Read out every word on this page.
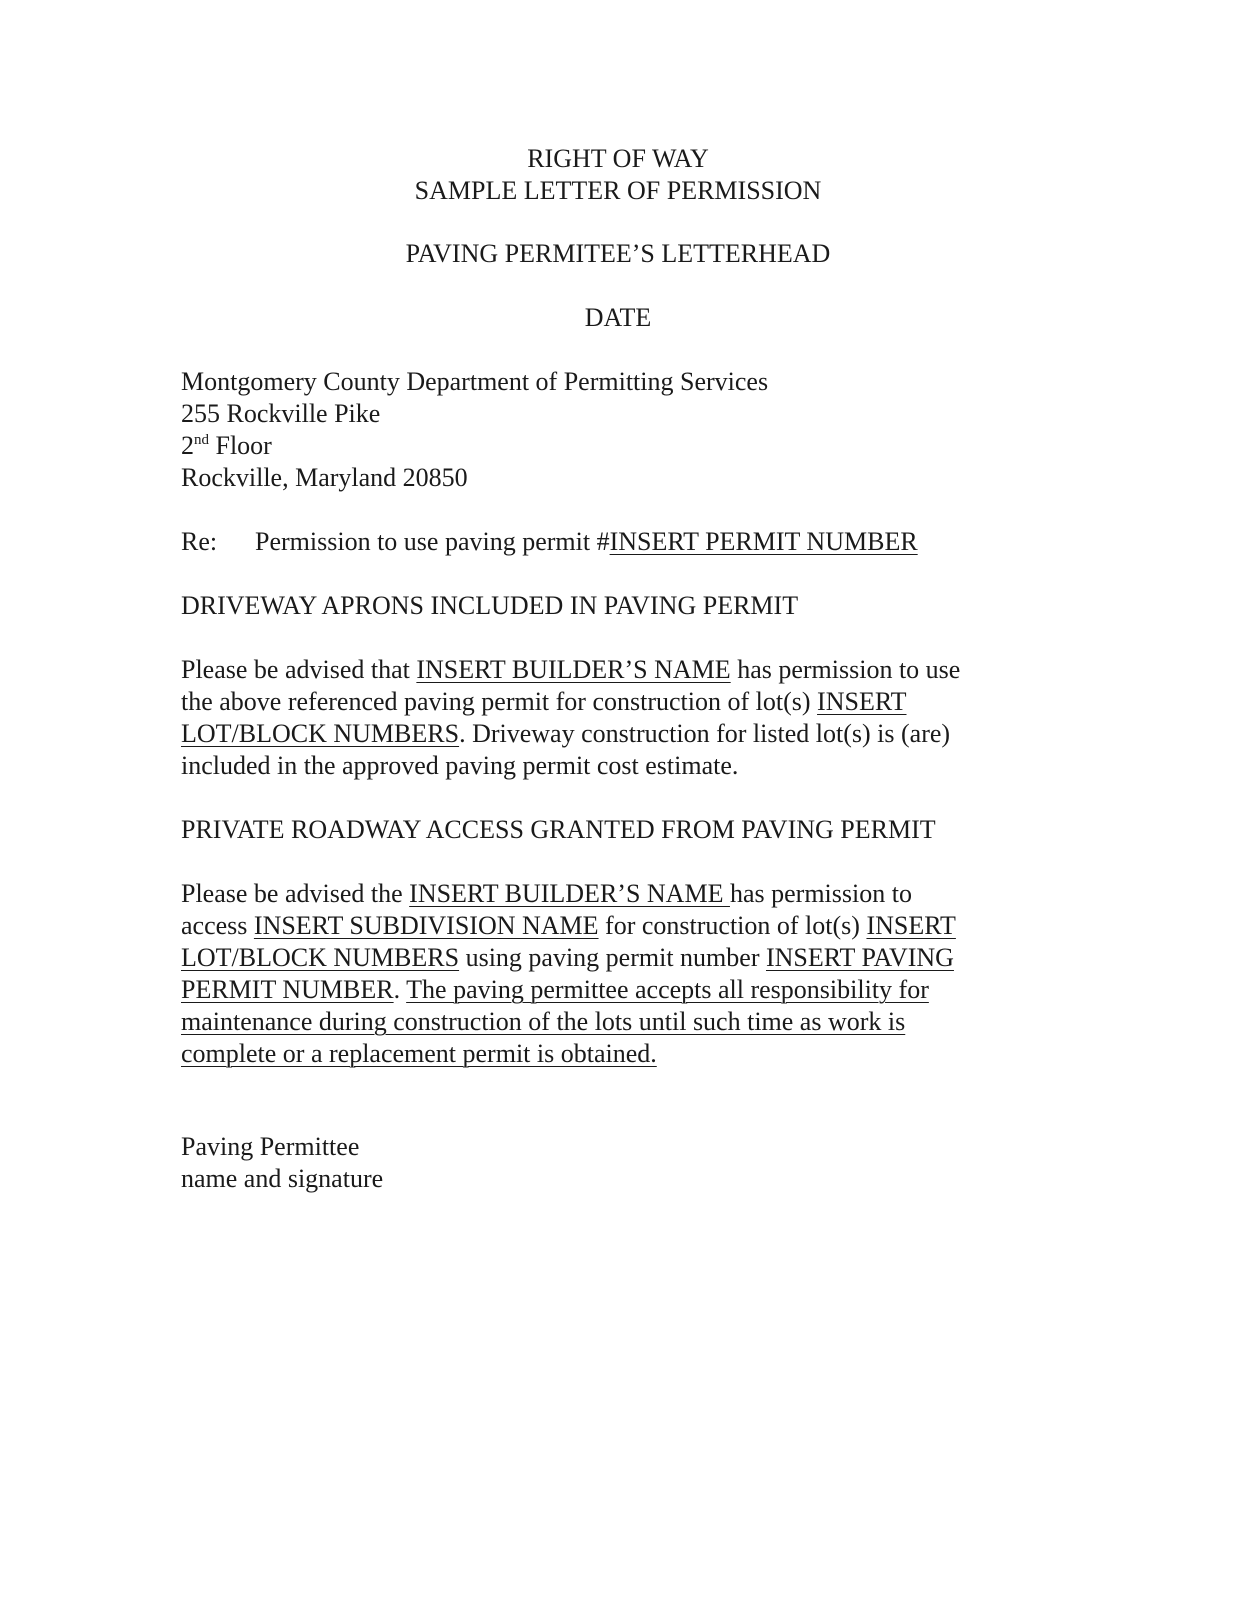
RIGHT OF WAY
SAMPLE LETTER OF PERMISSION
PAVING PERMITEE’S LETTERHEAD
DATE
Montgomery County Department of Permitting Services
255 Rockville Pike
2nd Floor
Rockville, Maryland 20850
Re: Permission to use paving permit #INSERT PERMIT NUMBER
DRIVEWAY APRONS INCLUDED IN PAVING PERMIT
Please be advised that INSERT BUILDER’S NAME has permission to use
the above referenced paving permit for construction of lot(s) INSERT
LOT/BLOCK NUMBERS. Driveway construction for listed lot(s) is (are)
included in the approved paving permit cost estimate.
PRIVATE ROADWAY ACCESS GRANTED FROM PAVING PERMIT
Please be advised the INSERT BUILDER’S NAME has permission to
access INSERT SUBDIVISION NAME for construction of lot(s) INSERT
LOT/BLOCK NUMBERS using paving permit number INSERT PAVING
PERMIT NUMBER. The paving permittee accepts all responsibility for
maintenance during construction of the lots until such time as work is
complete or a replacement permit is obtained.
Paving Permittee
name and signature
